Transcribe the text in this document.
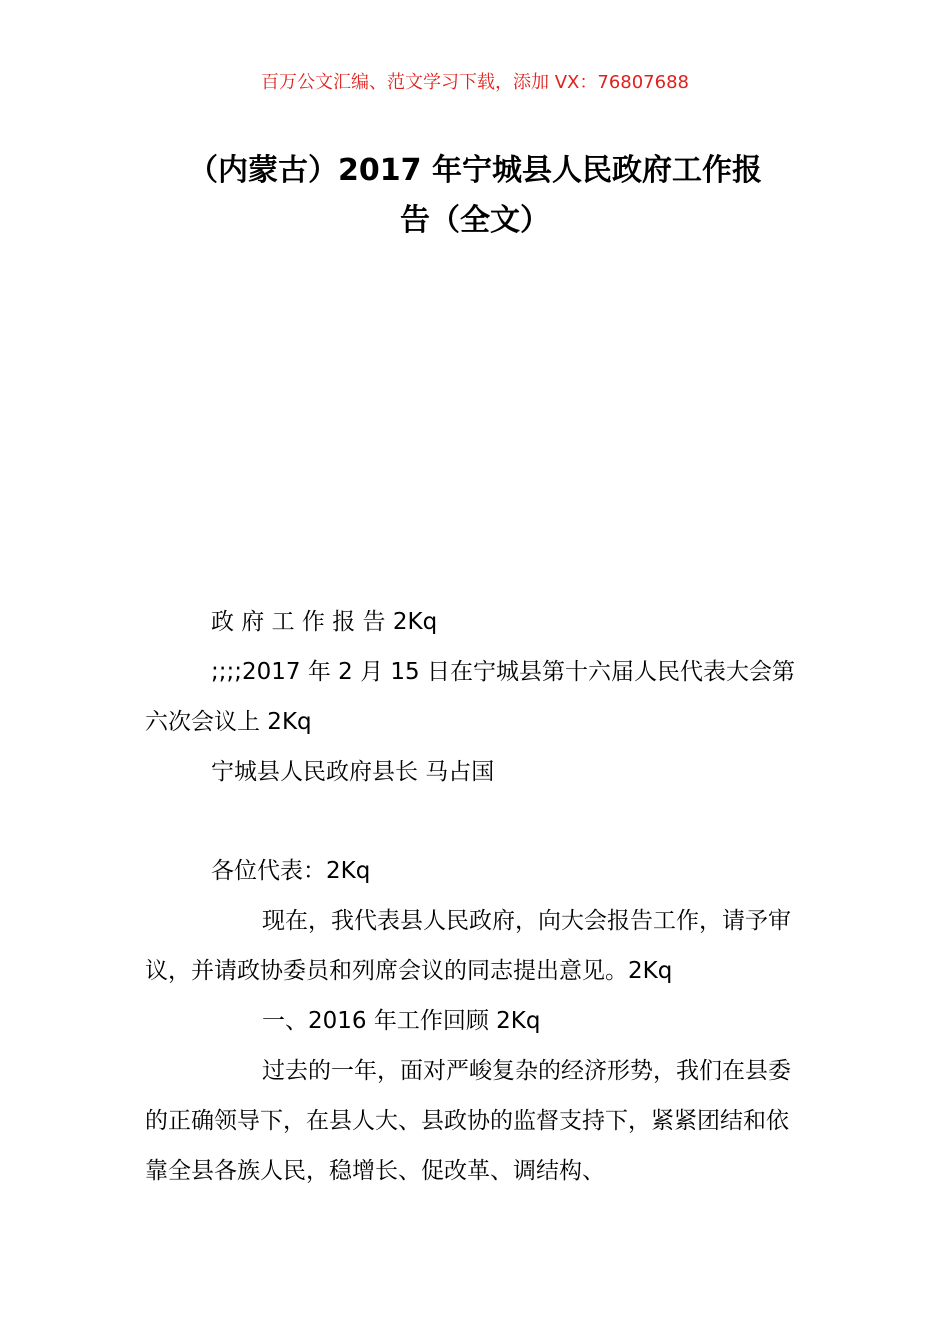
百万公文汇编、范文学习下载，添加 VX：76807688
（内蒙古）2017 年宁城县人民政府工作报
告（全文）

政 府 工 作 报 告 2Kq

;;;;2017 年 2 月 15 日在宁城县第十六届人民代表大会第六次会议上 2Kq

宁城县人民政府县长 马占国

各位代表：2Kq

现在，我代表县人民政府，向大会报告工作，请予审议，并请政协委员和列席会议的同志提出意见。2Kq

一、2016 年工作回顾 2Kq

过去的一年，面对严峻复杂的经济形势，我们在县委的正确领导下，在县人大、县政协的监督支持下，紧紧团结和依靠全县各族人民，稳增长、促改革、调结构、
